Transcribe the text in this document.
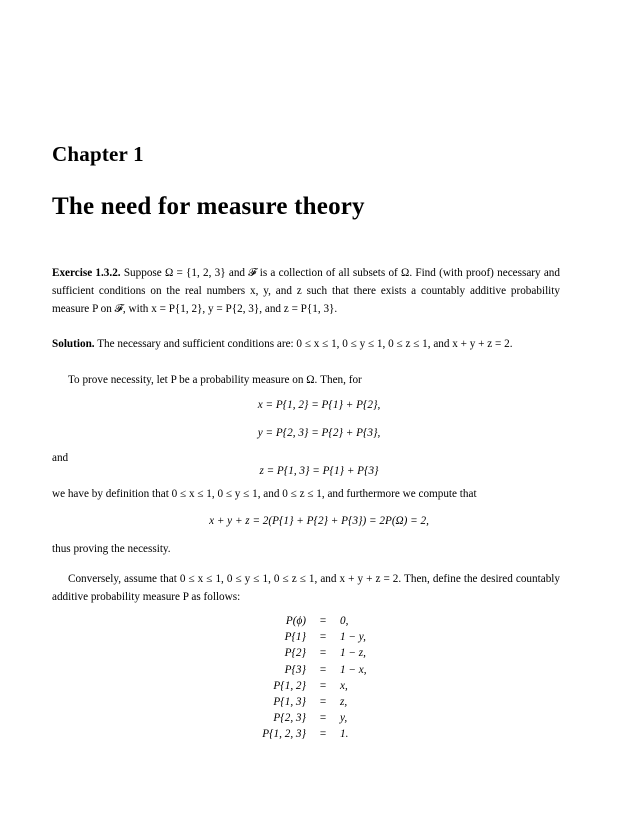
Chapter 1
The need for measure theory
Exercise 1.3.2. Suppose Ω = {1, 2, 3} and 𝓕 is a collection of all subsets of Ω. Find (with proof) necessary and sufficient conditions on the real numbers x, y, and z such that there exists a countably additive probability measure P on 𝓕, with x = P{1, 2}, y = P{2, 3}, and z = P{1, 3}.
Solution. The necessary and sufficient conditions are: 0 ≤ x ≤ 1, 0 ≤ y ≤ 1, 0 ≤ z ≤ 1, and x + y + z = 2.
To prove necessity, let P be a probability measure on Ω. Then, for
x = P{1, 2} = P{1} + P{2},
y = P{2, 3} = P{2} + P{3},
and
z = P{1, 3} = P{1} + P{3}
we have by definition that 0 ≤ x ≤ 1, 0 ≤ y ≤ 1, and 0 ≤ z ≤ 1, and furthermore we compute that
x + y + z = 2(P{1} + P{2} + P{3}) = 2P(Ω) = 2,
thus proving the necessity.
Conversely, assume that 0 ≤ x ≤ 1, 0 ≤ y ≤ 1, 0 ≤ z ≤ 1, and x + y + z = 2. Then, define the desired countably additive probability measure P as follows:
P(ϕ)	=	0,
P{1}	=	1 − y,
P{2}	=	1 − z,
P{3}	=	1 − x,
P{1, 2}	=	x,
P{1, 3}	=	z,
P{2, 3}	=	y,
P{1, 2, 3}	=	1.
